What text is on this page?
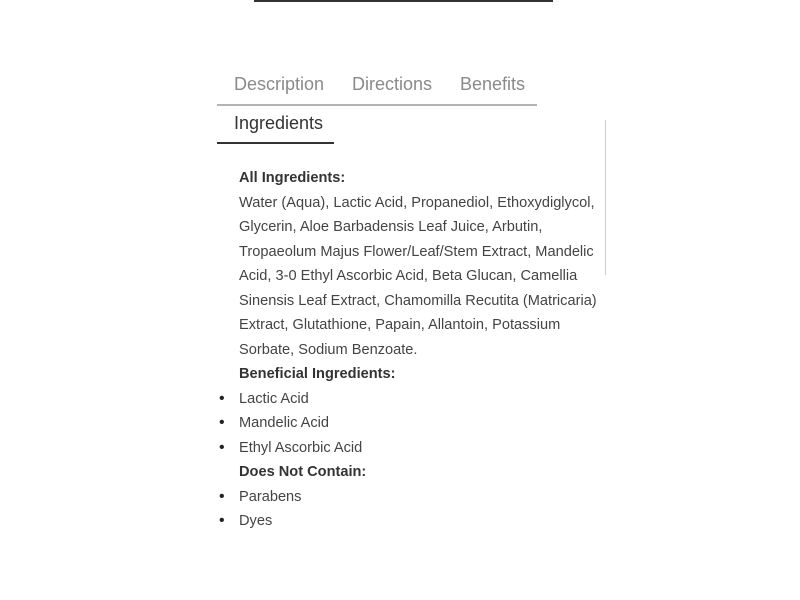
Description Directions Benefits
Ingredients
All Ingredients:
Water (Aqua), Lactic Acid, Propanediol, Ethoxydiglycol, Glycerin, Aloe Barbadensis Leaf Juice, Arbutin, Tropaeolum Majus Flower/Leaf/Stem Extract, Mandelic Acid, 3-0 Ethyl Ascorbic Acid, Beta Glucan, Camellia Sinensis Leaf Extract, Chamomilla Recutita (Matricaria) Extract, Glutathione, Papain, Allantoin, Potassium Sorbate, Sodium Benzoate.
Beneficial Ingredients:
• Lactic Acid
• Mandelic Acid
• Ethyl Ascorbic Acid
Does Not Contain:
• Parabens
• Dyes
